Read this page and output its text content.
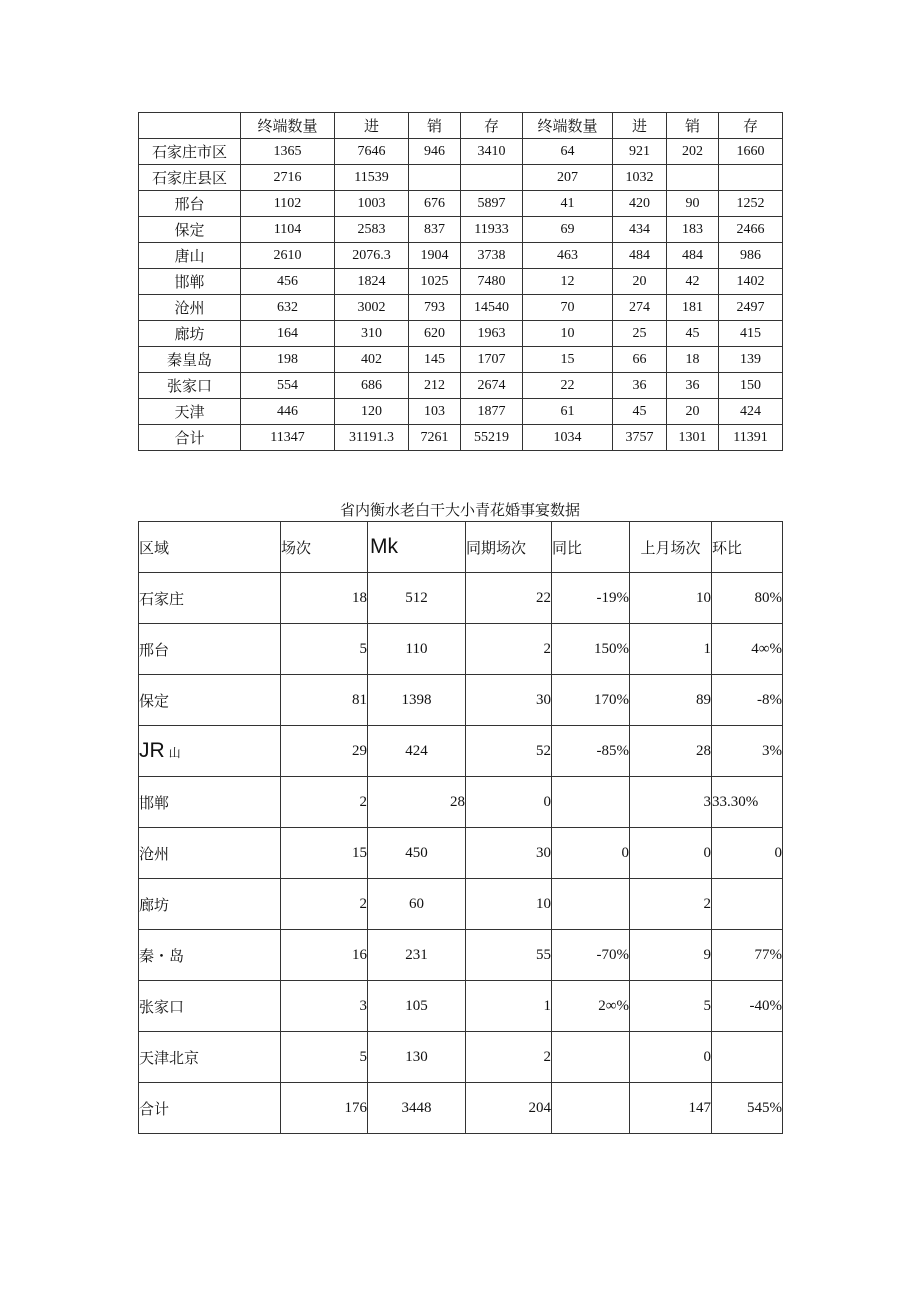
	终端数量	进	销	存	终端数量	进	销	存
石家庄市区	1365	7646	946	3410	64	921	202	1660
石家庄县区	2716	11539			207	1032		
邢台	1102	1003	676	5897	41	420	90	1252
保定	1104	2583	837	11933	69	434	183	2466
唐山	2610	2076.3	1904	3738	463	484	484	986
邯郸	456	1824	1025	7480	12	20	42	1402
沧州	632	3002	793	14540	70	274	181	2497
廊坊	164	310	620	1963	10	25	45	415
秦皇岛	198	402	145	1707	15	66	18	139
张家口	554	686	212	2674	22	36	36	150
天津	446	120	103	1877	61	45	20	424
合计	11347	31191.3	7261	55219	1034	3757	1301	11391
省内衡水老白干大小青花婚事宴数据
区域	场次	Mk	同期场次	同比	上月场次	环比
石家庄	18	512	22	-19%	10	80%
邢台	5	110	2	150%	1	4∞%
保定	81	1398	30	170%	89	-8%
JR 山	29	424	52	-85%	28	3%
邯郸	2	28	0		3	33.30%
沧州	15	450	30	0	0	0
廊坊	2	60	10		2	
秦・岛	16	231	55	-70%	9	77%
张家口	3	105	1	2∞%	5	-40%
天津北京	5	130	2		0	
合计	176	3448	204		147	545%
